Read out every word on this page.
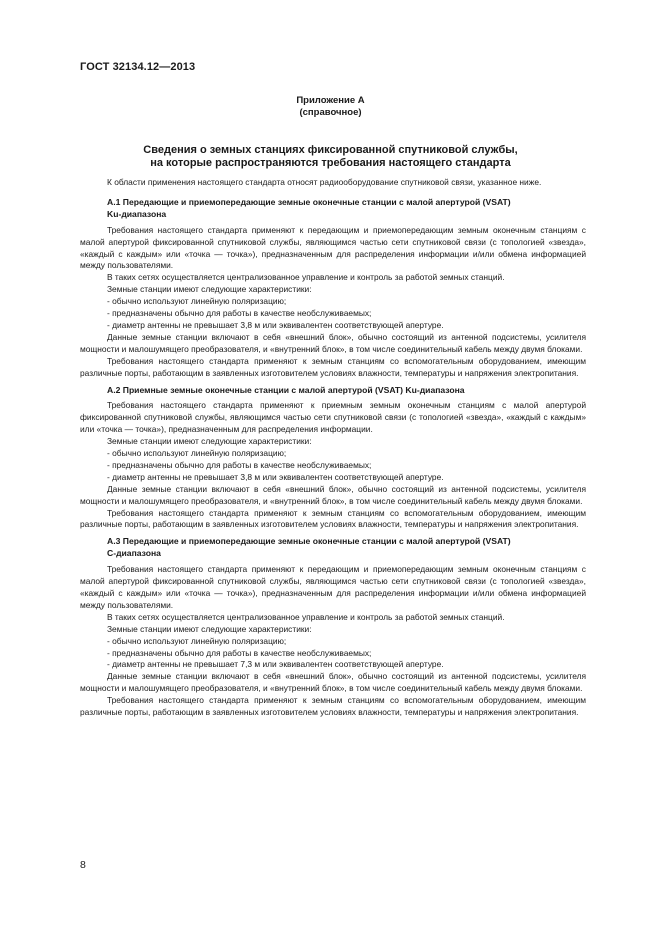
ГОСТ 32134.12—2013
Приложение А
(справочное)
Сведения о земных станциях фиксированной спутниковой службы,
на которые распространяются требования настоящего стандарта

К области применения настоящего стандарта относят радиооборудование спутниковой связи, указанное ниже.

А.1 Передающие и приемопередающие земные оконечные станции с малой апертурой (VSAT)
Ku-диапазона

Требования настоящего стандарта применяют к передающим и приемопередающим земным оконечным станциям с малой апертурой фиксированной спутниковой службы, являющимся частью сети спутниковой связи (с топологией «звезда», «каждый с каждым» или «точка — точка»), предназначенным для распределения информации и/или обмена информацией между пользователями.

В таких сетях осуществляется централизованное управление и контроль за работой земных станций.

Земные станции имеют следующие характеристики:

- обычно используют линейную поляризацию;

- предназначены обычно для работы в качестве необслуживаемых;

- диаметр антенны не превышает 3,8 м или эквивалентен соответствующей апертуре.

Данные земные станции включают в себя «внешний блок», обычно состоящий из антенной подсистемы, усилителя мощности и малошумящего преобразователя, и «внутренний блок», в том числе соединительный кабель между двумя блоками.

Требования настоящего стандарта применяют к земным станциям со вспомогательным оборудованием, имеющим различные порты, работающим в заявленных изготовителем условиях влажности, температуры и напряжения электропитания.

А.2 Приемные земные оконечные станции с малой апертурой (VSAT) Ku-диапазона

Требования настоящего стандарта применяют к приемным земным оконечным станциям с малой апертурой фиксированной спутниковой службы, являющимся частью сети спутниковой связи (с топологией «звезда», «каждый с каждым» или «точка — точка»), предназначенным для распределения информации.

Земные станции имеют следующие характеристики:

- обычно используют линейную поляризацию;

- предназначены обычно для работы в качестве необслуживаемых;

- диаметр антенны не превышает 3,8 м или эквивалентен соответствующей апертуре.

Данные земные станции включают в себя «внешний блок», обычно состоящий из антенной подсистемы, усилителя мощности и малошумящего преобразователя, и «внутренний блок», в том числе соединительный кабель между двумя блоками.

Требования настоящего стандарта применяют к земным станциям со вспомогательным оборудованием, имеющим различные порты, работающим в заявленных изготовителем условиях влажности, температуры и напряжения электропитания.

А.3 Передающие и приемопередающие земные оконечные станции с малой апертурой (VSAT)
С-диапазона

Требования настоящего стандарта применяют к передающим и приемопередающим земным оконечным станциям с малой апертурой фиксированной спутниковой службы, являющимся частью сети спутниковой связи (с топологией «звезда», «каждый с каждым» или «точка — точка»), предназначенным для распределения информации и/или обмена информацией между пользователями.

В таких сетях осуществляется централизованное управление и контроль за работой земных станций.

Земные станции имеют следующие характеристики:

- обычно используют линейную поляризацию;

- предназначены обычно для работы в качестве необслуживаемых;

- диаметр антенны не превышает 7,3 м или эквивалентен соответствующей апертуре.

Данные земные станции включают в себя «внешний блок», обычно состоящий из антенной подсистемы, усилителя мощности и малошумящего преобразователя, и «внутренний блок», в том числе соединительный кабель между двумя блоками.

Требования настоящего стандарта применяют к земным станциям со вспомогательным оборудованием, имеющим различные порты, работающим в заявленных изготовителем условиях влажности, температуры и напряжения электропитания.

8
